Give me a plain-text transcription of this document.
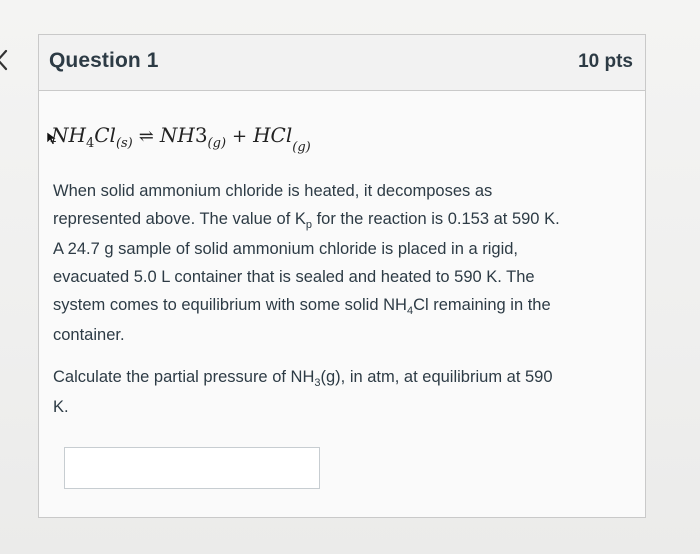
Question 1	10 pts
$NH_4Cl_{(s)}$ ⇌ $NH3_{(g)} + HCl_{(g)}$
When solid ammonium chloride is heated, it decomposes as
represented above. The value of $K_p$ for the reaction is 0.153 at 590 K.
A 24.7 g sample of solid ammonium chloride is placed in a rigid,
evacuated 5.0 L container that is sealed and heated to 590 K. The
system comes to equilibrium with some solid $NH_4Cl$ remaining in the
container.
Calculate the partial pressure of $NH_3(g)$, in atm, at equilibrium at 590
K.
